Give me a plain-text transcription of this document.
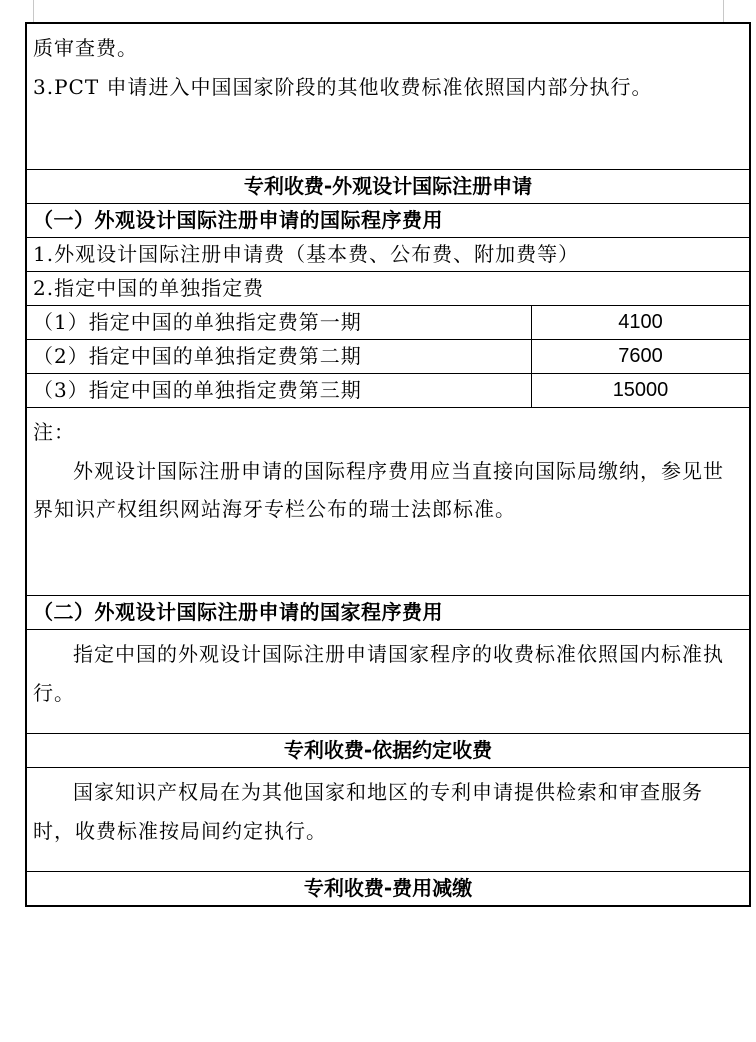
质审查费。
3.PCT 申请进入中国国家阶段的其他收费标准依照国内部分执行。
专利收费-外观设计国际注册申请
（一）外观设计国际注册申请的国际程序费用
1.外观设计国际注册申请费（基本费、公布费、附加费等）
2.指定中国的单独指定费
（1）指定中国的单独指定费第一期	4100
（2）指定中国的单独指定费第二期	7600
（3）指定中国的单独指定费第三期	15000
注：
外观设计国际注册申请的国际程序费用应当直接向国际局缴纳，参见世界知识产权组织网站海牙专栏公布的瑞士法郎标准。
（二）外观设计国际注册申请的国家程序费用
指定中国的外观设计国际注册申请国家程序的收费标准依照国内标准执行。
专利收费-依据约定收费
国家知识产权局在为其他国家和地区的专利申请提供检索和审查服务时，收费标准按局间约定执行。
专利收费-费用减缴
